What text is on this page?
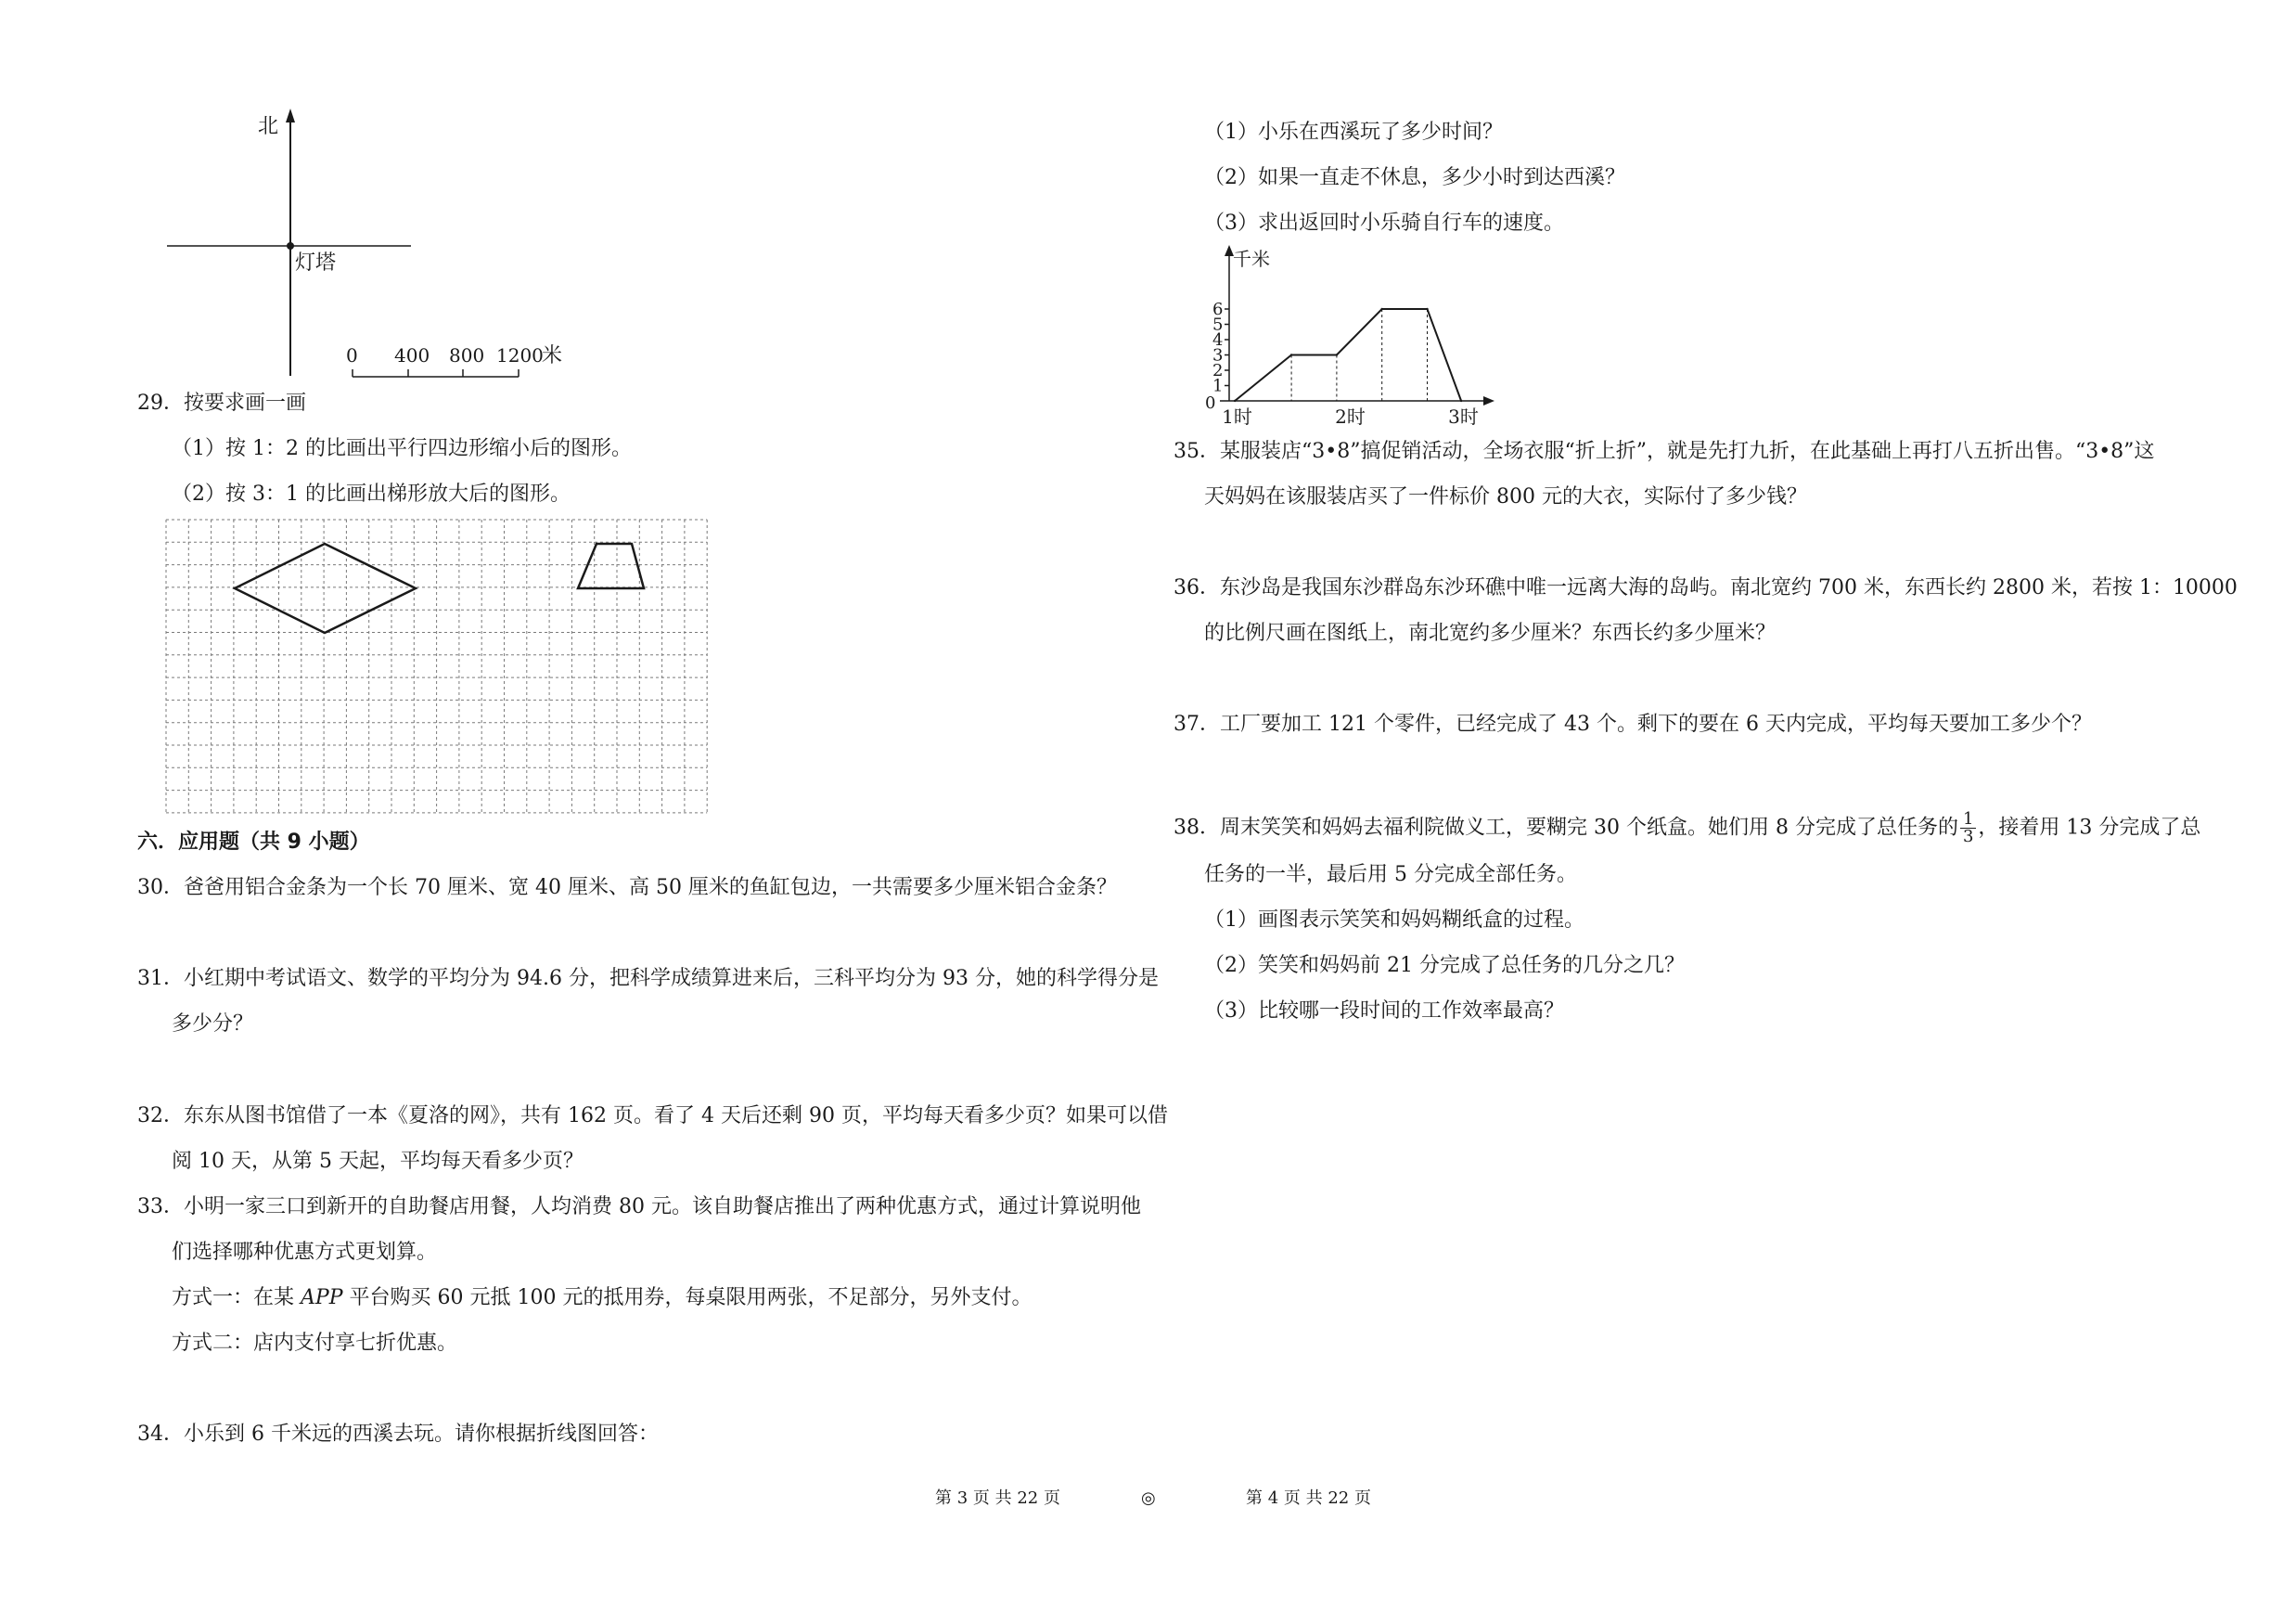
北
灯塔
0 400 800 1200
米
29．按要求画一画
（1）按 1：2 的比画出平行四边形缩小后的图形。
（2）按 3：1 的比画出梯形放大后的图形。
六．应用题（共 9 小题）
30．爸爸用铝合金条为一个长 70 厘米、宽 40 厘米、高 50 厘米的鱼缸包边，一共需要多少厘米铝合金条？
31．小红期中考试语文、数学的平均分为 94.6 分，把科学成绩算进来后，三科平均分为 93 分，她的科学得分是
多少分？
32．东东从图书馆借了一本《夏洛的网》，共有 162 页。看了 4 天后还剩 90 页，平均每天看多少页？如果可以借
阅 10 天，从第 5 天起，平均每天看多少页？
33．小明一家三口到新开的自助餐店用餐，人均消费 80 元。该自助餐店推出了两种优惠方式，通过计算说明他
们选择哪种优惠方式更划算。
方式一：在某 APP 平台购买 60 元抵 100 元的抵用券，每桌限用两张，不足部分，另外支付。
方式二：店内支付享七折优惠。
34．小乐到 6 千米远的西溪去玩。请你根据折线图回答：
（1）小乐在西溪玩了多少时间？
（2）如果一直走不休息，多少小时到达西溪？
（3）求出返回时小乐骑自行车的速度。
千米
0
1
2
3
4
5
6
1时	2时	3时
35．某服装店“3•8”搞促销活动，全场衣服“折上折”，就是先打九折，在此基础上再打八五折出售。“3•8”这
天妈妈在该服装店买了一件标价 800 元的大衣，实际付了多少钱？
36．东沙岛是我国东沙群岛东沙环礁中唯一远离大海的岛屿。南北宽约 700 米，东西长约 2800 米，若按 1：10000
的比例尺画在图纸上，南北宽约多少厘米？东西长约多少厘米？
37．工厂要加工 121 个零件，已经完成了 43 个。剩下的要在 6 天内完成，平均每天要加工多少个？
38．周末笑笑和妈妈去福利院做义工，要糊完 30 个纸盒。她们用 8 分完成了总任务的 $\frac{1}{3}$ ，接着用 13 分完成了总
任务的一半，最后用 5 分完成全部任务。
（1）画图表示笑笑和妈妈糊纸盒的过程。
（2）笑笑和妈妈前 21 分完成了总任务的几分之几？
（3）比较哪一段时间的工作效率最高？
第 3 页 共 22 页	◎	第 4 页 共 22 页
